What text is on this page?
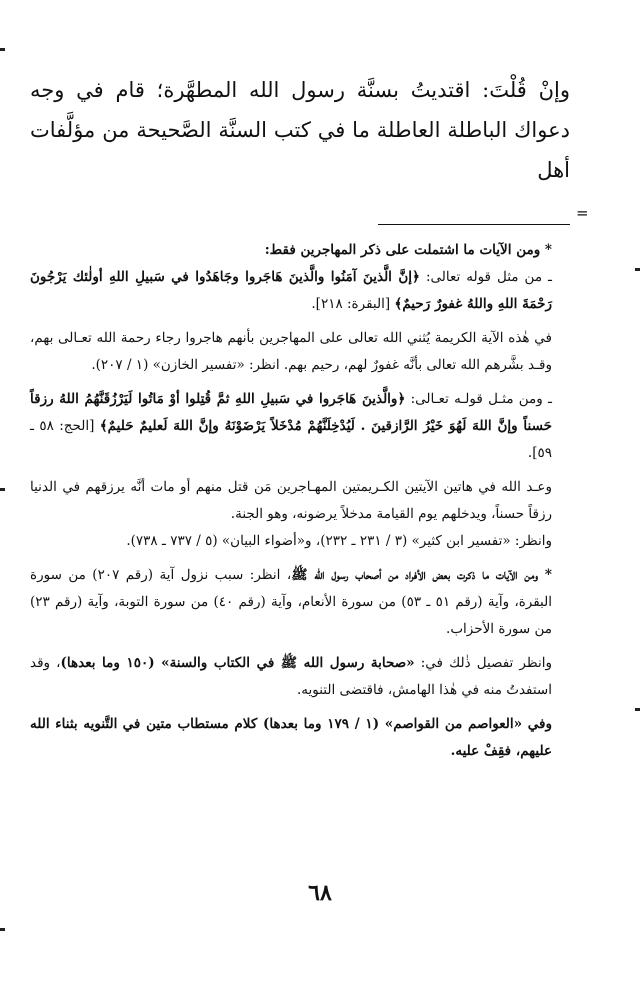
وإنْ قُلْتَ: اقتديتُ بسنَّة رسول الله المطهَّرة؛ قام في وجه

دعواك الباطلة العاطلة ما في كتب السنَّة الصَّحيحة من مؤلَّفات أهل

* ومن الآيات ما اشتملت على ذكر المهاجرين فقط:

ـ من مثل قوله تعالى: ﴿إنَّ الَّذينَ آمَنُوا والَّذينَ هَاجَروا وجَاهَدُوا في سَبيلِ اللهِ أولٰئك يَرْجُونَ رَحْمَةَ اللهِ واللهُ غفورٌ رَحيمٌ﴾ [البقرة: ٢١٨].

في هٰذه الآية الكريمة يُثني الله تعالى على المهاجرين بأنهم هاجروا رجاء رحمة الله تعـالى بهم، وقـد بشَّرهم الله تعالى بأنَّه غفورٌ لهم، رحيم بهم. انظر: «تفسير الخازن» (١ / ٢٠٧).

ـ ومن مثـل قولـه تعـالى: ﴿والَّذينَ هَاجَروا في سَبيلِ اللهِ ثمَّ قُتِلوا أوْ مَاتُوا لَيَرْزُقَنَّهُمُ اللهُ رزقاً حَسناً وإنَّ اللهَ لَهُوَ خَيْرُ الرَّازقينَ . لَيُدْخِلَنَّهُمْ مُدْخَلاً يَرْضَوْنَهُ وإنَّ اللهَ لَعليمٌ حَليمٌ﴾ [الحج: ٥٨ ـ ٥٩].

وعـد الله في هاتين الآيتين الكـريمتين المهـاجرين مَن قتل منهم أو مات أنَّه يرزقهم في الدنيا رزقاً حسناً، ويدخلهم يوم القيامة مدخلاً يرضونه، وهو الجنة.

وانظر: «تفسير ابن كثير» (٣ / ٢٣١ ـ ٢٣٢)، و«أضواء البيان» (٥ / ٧٣٧ ـ ٧٣٨).

* ومن الآيات ما ذكرت بعض الأفراد من أصحاب رسول الله ﷺ، انظر: سبب نزول آية (رقم ٢٠٧) من سورة البقرة، وآية (رقم ٥١ ـ ٥٣) من سورة الأنعام، وآية (رقم ٤٠) من سورة التوبة، وآية (رقم ٢٣) من سورة الأحزاب.

وانظر تفصيل ذٰلك في: «صحابة رسول الله ﷺ في الكتاب والسنة» (١٥٠ وما بعدها)، وقد استفدتُ منه في هٰذا الهامش، فاقتضى التنويه.

وفي «العواصم من القواصم» (١ / ١٧٩ وما بعدها) كلام مستطاب متين في التَّنويه بثناء الله عليهم، فقِفْ عليه.

=
٦٨
